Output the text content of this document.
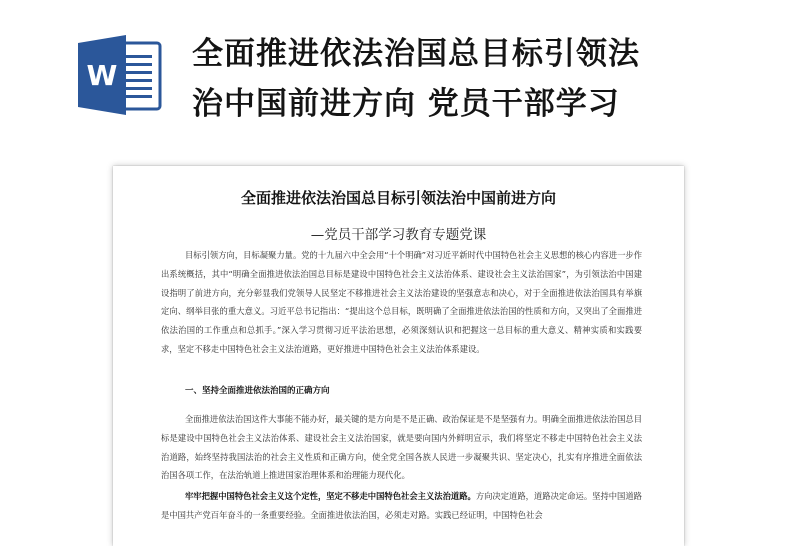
W
全面推进依法治国总目标引领法
治中国前进方向 党员干部学习
全面推进依法治国总目标引领法治中国前进方向

—党员干部学习教育专题党课

目标引领方向，目标凝聚力量。党的十九届六中全会用“十个明确”对习近平新时代中国特色社会主义思想的核心内容进一步作出系统概括，其中“明确全面推进依法治国总目标是建设中国特色社会主义法治体系、建设社会主义法治国家”，为引领法治中国建设指明了前进方向，充分彰显我们党领导人民坚定不移推进社会主义法治建设的坚强意志和决心，对于全面推进依法治国具有举旗定向、纲举目张的重大意义。习近平总书记指出：“提出这个总目标，既明确了全面推进依法治国的性质和方向，又突出了全面推进依法治国的工作重点和总抓手。”深入学习贯彻习近平法治思想，必须深刻认识和把握这一总目标的重大意义、精神实质和实践要求，坚定不移走中国特色社会主义法治道路，更好推进中国特色社会主义法治体系建设。

一、坚持全面推进依法治国的正确方向

全面推进依法治国这件大事能不能办好，最关键的是方向是不是正确、政治保证是不是坚强有力。明确全面推进依法治国总目标是建设中国特色社会主义法治体系、建设社会主义法治国家，就是要向国内外鲜明宣示，我们将坚定不移走中国特色社会主义法治道路，始终坚持我国法治的社会主义性质和正确方向，使全党全国各族人民进一步凝聚共识、坚定决心，扎实有序推进全面依法治国各项工作，在法治轨道上推进国家治理体系和治理能力现代化。

牢牢把握中国特色社会主义这个定性，坚定不移走中国特色社会主义法治道路。方向决定道路，道路决定命运。坚持中国道路是中国共产党百年奋斗的一条重要经验。全面推进依法治国，必须走对路。实践已经证明，中国特色社会
